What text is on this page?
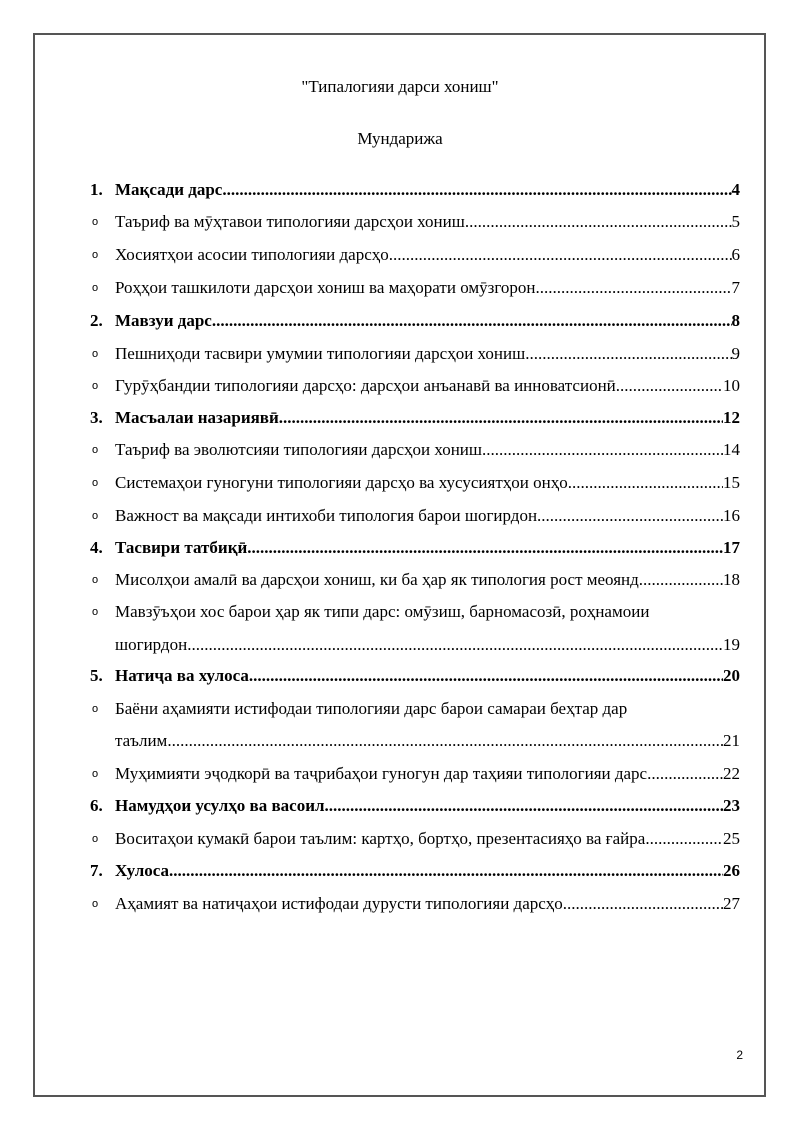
"Типалогияи дарси хониш"
Мундарижа
1. Мақсади дарс .....	4
o Таъриф ва мӯҳтавои типологияи дарсҳои хониш .....	5
o Хосиятҳои асосии типологияи дарсҳо .....	6
o Роҳҳои ташкилоти дарсҳои хониш ва маҳорати омӯзгорон .....	7
2. Мавзуи дарс .....	8
o Пешниҳоди тасвири умумии типологияи дарсҳои хониш .....	9
o Гурӯҳбандии типологияи дарсҳо: дарсҳои анъанавӣ ва инноватсионӣ .....	10
3. Масъалаи назариявӣ .....	12
o Таъриф ва эволютсияи типологияи дарсҳои хониш .....	14
o Системаҳои гуногуни типологияи дарсҳо ва хусусиятҳои онҳо .....	15
o Важност ва мақсади интихоби типология барои шогирдон .....	16
4. Тасвири татбиқӣ .....	17
o Мисолҳои амалӣ ва дарсҳои хониш, ки ба ҳар як типология рост меоянд .....	18
o Мавзӯъҳои хос барои ҳар як типи дарс: омӯзиш, барномасозӣ, роҳнамоии
шогирдон .....	19
5. Натиҷа ва хулоса .....	20
o Баёни аҳамияти истифодаи типологияи дарс барои самараи беҳтар дар
таълим .....	21
o Муҳимияти эҷодкорӣ ва таҷрибаҳои гуногун дар таҳияи типологияи дарс .....	22
6. Намудҳои усулҳо ва васоил .....	23
o Воситаҳои кумакӣ барои таълим: картҳо, бортҳо, презентасияҳо ва ғайра .....	25
7. Хулоса .....	26
o Аҳамият ва натиҷаҳои истифодаи дурусти типологияи дарсҳо .....	27
2
